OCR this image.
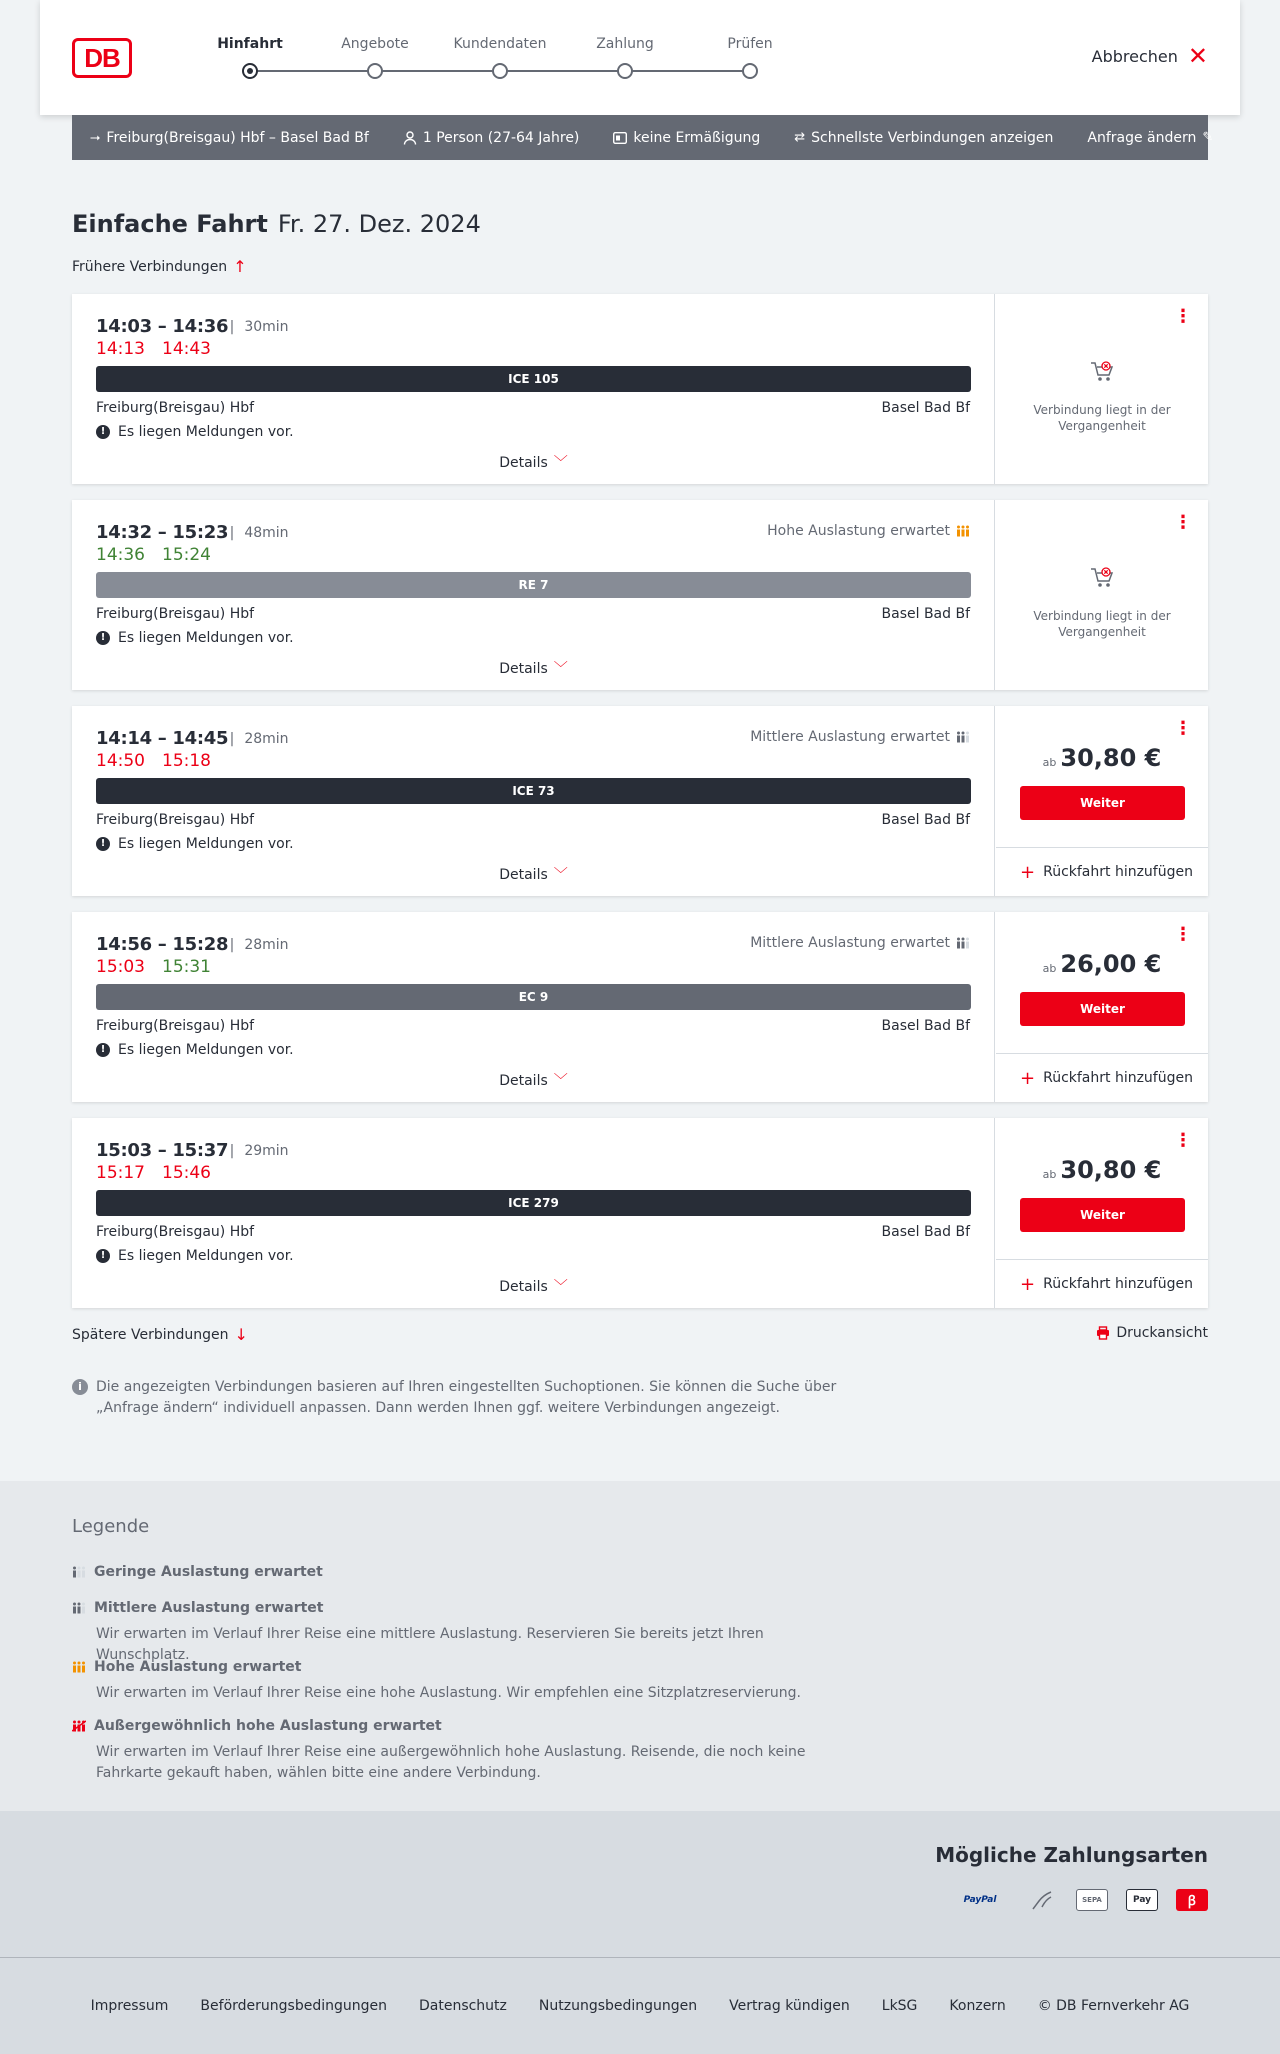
DB	Hinfahrt	Angebote	Kundendaten	Zahlung	Prüfen
Abbrechen ✕
⭢ Freiburg(Breisgau) Hbf – Basel Bad Bf	1 Person (27-64 Jahre)	keine Ermäßigung	⇄ Schnellste Verbindungen anzeigen Anfrage ändern ✎
Einfache Fahrt Fr. 27. Dez. 2024
Frühere Verbindungen ↑
14:03 – 14:36	| 30min
14:13 14:43
ICE 105
Freiburg(Breisgau) Hbf	Basel Bad Bf
! Es liegen Meldungen vor.
Details ﹀
⋮
Verbindung liegt in der Vergangenheit
14:32 – 15:23	| 48min
14:36 15:24
Hohe Auslastung erwartet
RE 7
Freiburg(Breisgau) Hbf	Basel Bad Bf
! Es liegen Meldungen vor.
Details ﹀
⋮
Verbindung liegt in der Vergangenheit
14:14 – 14:45	| 28min
14:50 15:18
Mittlere Auslastung erwartet
ICE 73
Freiburg(Breisgau) Hbf	Basel Bad Bf
! Es liegen Meldungen vor.
Details ﹀
⋮
ab 30,80 €
Weiter
+ Rückfahrt hinzufügen
14:56 – 15:28	| 28min
15:03 15:31
Mittlere Auslastung erwartet
EC 9
Freiburg(Breisgau) Hbf	Basel Bad Bf
! Es liegen Meldungen vor.
Details ﹀
⋮
ab 26,00 €
Weiter
+ Rückfahrt hinzufügen
15:03 – 15:37	| 29min
15:17 15:46
ICE 279
Freiburg(Breisgau) Hbf	Basel Bad Bf
! Es liegen Meldungen vor.
Details ﹀
⋮
ab 30,80 €
Weiter
+ Rückfahrt hinzufügen
Spätere Verbindungen ↓	Druckansicht
i	Die angezeigten Verbindungen basieren auf Ihren eingestellten Suchoptionen. Sie können die Suche über „Anfrage ändern“ individuell anpassen. Dann werden Ihnen ggf. weitere Verbindungen angezeigt.
Legende
Geringe Auslastung erwartet
Mittlere Auslastung erwartet
Wir erwarten im Verlauf Ihrer Reise eine mittlere Auslastung. Reservieren Sie bereits jetzt Ihren Wunschplatz.
Hohe Auslastung erwartet
Wir erwarten im Verlauf Ihrer Reise eine hohe Auslastung. Wir empfehlen eine Sitzplatzreservierung.
Außergewöhnlich hohe Auslastung erwartet
Wir erwarten im Verlauf Ihrer Reise eine außergewöhnlich hohe Auslastung. Reisende, die noch keine Fahrkarte gekauft haben, wählen bitte eine andere Verbindung.
Mögliche Zahlungsarten
PayPal	SEPA	Pay	ꞵ
Impressum Beförderungsbedingungen Datenschutz Nutzungsbedingungen Vertrag kündigen LkSG Konzern © DB Fernverkehr AG
